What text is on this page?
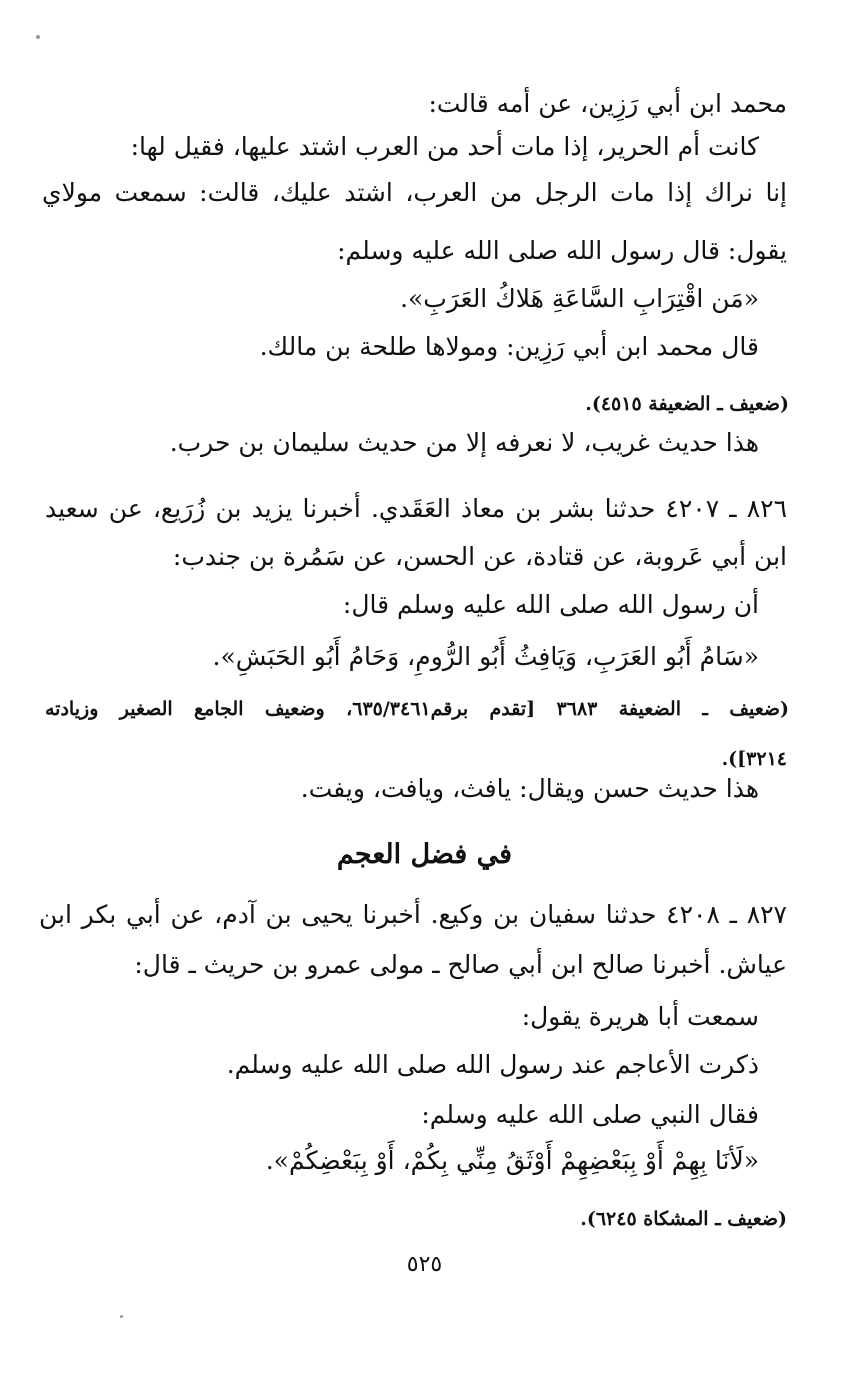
محمد ابن أبي رَزِين، عن أمه قالت:
كانت أم الحرير، إذا مات أحد من العرب اشتد عليها، فقيل لها:
إنا نراك إذا مات الرجل من العرب، اشتد عليك، قالت: سمعت مولاي
يقول: قال رسول الله صلى الله عليه وسلم:
«مَن اقْتِرَابِ السَّاعَةِ هَلاكُ العَرَبِ».
قال محمد ابن أبي رَزِين: ومولاها طلحة بن مالك.
(ضعيف ـ الضعيفة ٤٥١٥).
هذا حديث غريب، لا نعرفه إلا من حديث سليمان بن حرب.
٨٢٦ ـ ٤٢٠٧ حدثنا بشر بن معاذ العَقَدي. أخبرنا يزيد بن زُرَيع، عن سعيد
ابن أبي عَروبة، عن قتادة، عن الحسن، عن سَمُرة بن جندب:
أن رسول الله صلى الله عليه وسلم قال:
«سَامُ أَبُو العَرَبِ، وَيَافِثُ أَبُو الرُّومِ، وَحَامُ أَبُو الحَبَشِ».
(ضعيف ـ الضعيفة ٣٦٨٣ [تقدم برقم٦٣٥/٣٤٦١، وضعيف الجامع الصغير وزيادته
٣٢١٤]).
هذا حديث حسن ويقال: يافث، ويافت، ويفت.
في فضل العجم
٨٢٧ ـ ٤٢٠٨ حدثنا سفيان بن وكيع. أخبرنا يحيى بن آدم، عن أبي بكر ابن
عياش. أخبرنا صالح ابن أبي صالح ـ مولى عمرو بن حريث ـ قال:
سمعت أبا هريرة يقول:
ذكرت الأعاجم عند رسول الله صلى الله عليه وسلم.
فقال النبي صلى الله عليه وسلم:
«لَأنَا بِهِمْ أَوْ بِبَعْضِهِمْ أَوْثَقُ مِنِّي بِكُمْ، أَوْ بِبَعْضِكُمْ».
(ضعيف ـ المشكاة ٦٢٤٥).
٥٢٥
